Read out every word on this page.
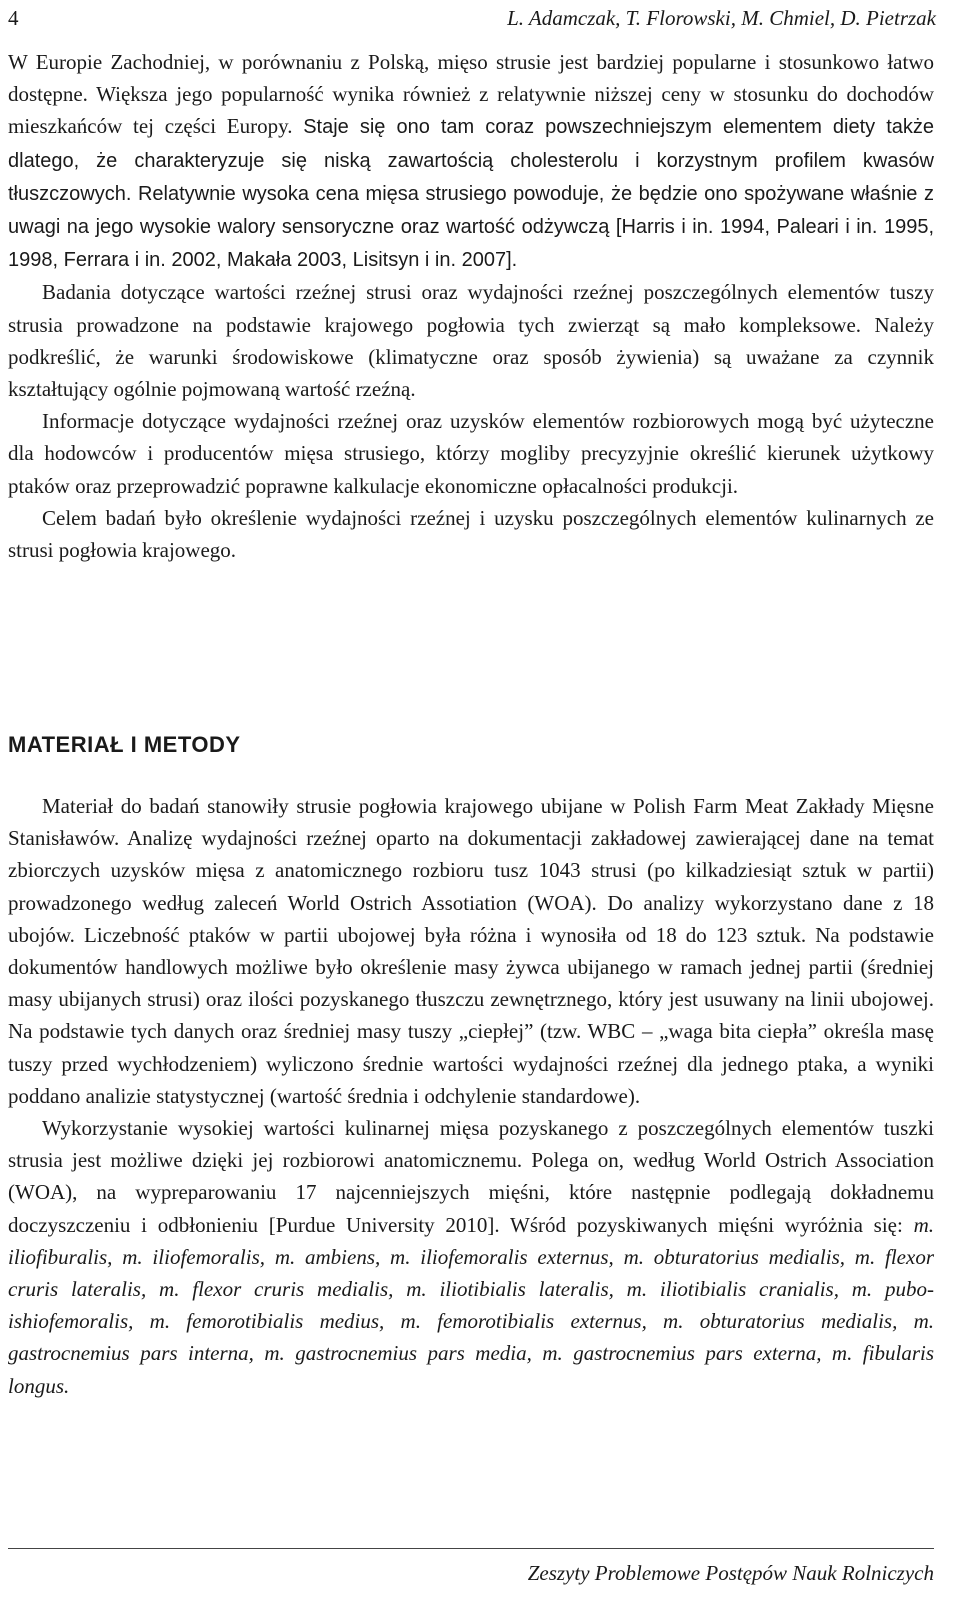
4	L. Adamczak, T. Florowski, M. Chmiel, D. Pietrzak

W Europie Zachodniej, w porównaniu z Polską, mięso strusie jest bardziej popularne i stosunkowo łatwo dostępne. Większa jego popularność wynika również z relatywnie niższej ceny w stosunku do dochodów mieszkańców tej części Europy. Staje się ono tam coraz powszechniejszym elementem diety także dlatego, że charakteryzuje się niską zawartością cholesterolu i korzystnym profilem kwasów tłuszczowych. Relatywnie wysoka cena mięsa strusiego powoduje, że będzie ono spożywane właśnie z uwagi na jego wysokie walory sensoryczne oraz wartość odżywczą [Harris i in. 1994, Paleari i in. 1995, 1998, Ferrara i in. 2002, Makała 2003, Lisitsyn i in. 2007].

Badania dotyczące wartości rzeźnej strusi oraz wydajności rzeźnej poszczególnych elementów tuszy strusia prowadzone na podstawie krajowego pogłowia tych zwierząt są mało kompleksowe. Należy podkreślić, że warunki środowiskowe (klimatyczne oraz sposób żywienia) są uważane za czynnik kształtujący ogólnie pojmowaną wartość rzeźną.

Informacje dotyczące wydajności rzeźnej oraz uzysków elementów rozbiorowych mogą być użyteczne dla hodowców i producentów mięsa strusiego, którzy mogliby precyzyjnie określić kierunek użytkowy ptaków oraz przeprowadzić poprawne kalkulacje ekonomiczne opłacalności produkcji.

Celem badań było określenie wydajności rzeźnej i uzysku poszczególnych elementów kulinarnych ze strusi pogłowia krajowego.

MATERIAŁ I METODY

Materiał do badań stanowiły strusie pogłowia krajowego ubijane w Polish Farm Meat Zakłady Mięsne Stanisławów. Analizę wydajności rzeźnej oparto na dokumentacji zakładowej zawierającej dane na temat zbiorczych uzysków mięsa z anatomicznego rozbioru tusz 1043 strusi (po kilkadziesiąt sztuk w partii) prowadzonego według zaleceń World Ostrich Assotiation (WOA). Do analizy wykorzystano dane z 18 ubojów. Liczebność ptaków w partii ubojowej była różna i wynosiła od 18 do 123 sztuk. Na podstawie dokumentów handlowych możliwe było określenie masy żywca ubijanego w ramach jednej partii (średniej masy ubijanych strusi) oraz ilości pozyskanego tłuszczu zewnętrznego, który jest usuwany na linii ubojowej. Na podstawie tych danych oraz średniej masy tuszy „ciepłej” (tzw. WBC – „waga bita ciepła” określa masę tuszy przed wychłodzeniem) wyliczono średnie wartości wydajności rzeźnej dla jednego ptaka, a wyniki poddano analizie statystycznej (wartość średnia i odchylenie standardowe).

Wykorzystanie wysokiej wartości kulinarnej mięsa pozyskanego z poszczególnych elementów tuszki strusia jest możliwe dzięki jej rozbiorowi anatomicznemu. Polega on, według World Ostrich Association (WOA), na wypreparowaniu 17 najcenniejszych mięśni, które następnie podlegają dokładnemu doczyszczeniu i odbłonieniu [Purdue University 2010]. Wśród pozyskiwanych mięśni wyróżnia się: m. iliofiburalis, m. iliofemoralis, m. ambiens, m. iliofemoralis externus, m. obturatorius medialis, m. flexor cruris lateralis, m. flexor cruris medialis, m. iliotibialis lateralis, m. iliotibialis cranialis, m. pubo-ishiofemoralis, m. femorotibialis medius, m. femorotibialis externus, m. obturatorius medialis, m. gastrocnemius pars interna, m. gastrocnemius pars media, m. gastrocnemius pars externa, m. fibularis longus.

Zeszyty Problemowe Postępów Nauk Rolniczych
